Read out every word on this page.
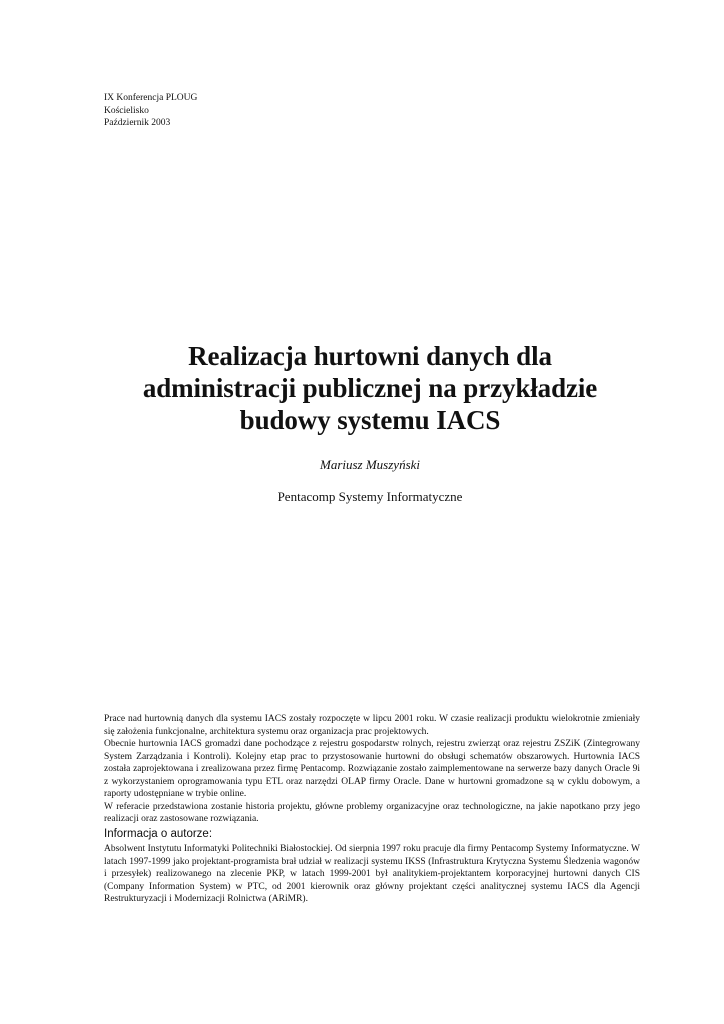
IX Konferencja PLOUG
Kościelisko
Październik 2003
Realizacja hurtowni danych dla
administracji publicznej na przykładzie
budowy systemu IACS
Mariusz Muszyński
Pentacomp Systemy Informatyczne

Prace nad hurtownią danych dla systemu IACS zostały rozpoczęte w lipcu 2001 roku. W czasie realizacji produktu wielokrotnie zmieniały się założenia funkcjonalne, architektura systemu oraz organizacja prac projektowych.

Obecnie hurtownia IACS gromadzi dane pochodzące z rejestru gospodarstw rolnych, rejestru zwierząt oraz rejestru ZSZiK (Zintegrowany System Zarządzania i Kontroli). Kolejny etap prac to przystosowanie hurtowni do obsługi schematów obszarowych. Hurtownia IACS została zaprojektowana i zrealizowana przez firmę Pentacomp. Rozwiązanie zostało zaimplementowane na serwerze bazy danych Oracle 9i z wykorzystaniem oprogramowania typu ETL oraz narzędzi OLAP firmy Oracle. Dane w hurtowni gromadzone są w cyklu dobowym, a raporty udostępniane w trybie online.

W referacie przedstawiona zostanie historia projektu, główne problemy organizacyjne oraz technologiczne, na jakie napotkano przy jego realizacji oraz zastosowane rozwiązania.

Informacja o autorze:

Absolwent Instytutu Informatyki Politechniki Białostockiej. Od sierpnia 1997 roku pracuje dla firmy Pentacomp Systemy Informatyczne. W latach 1997-1999 jako projektant-programista brał udział w realizacji systemu IKSS (Infrastruktura Krytyczna Systemu Śledzenia wagonów i przesyłek) realizowanego na zlecenie PKP, w latach 1999-2001 był analitykiem-projektantem korporacyjnej hurtowni danych CIS (Company Information System) w PTC, od 2001 kierownik oraz główny projektant części analitycznej systemu IACS dla Agencji Restrukturyzacji i Modernizacji Rolnictwa (ARiMR).
